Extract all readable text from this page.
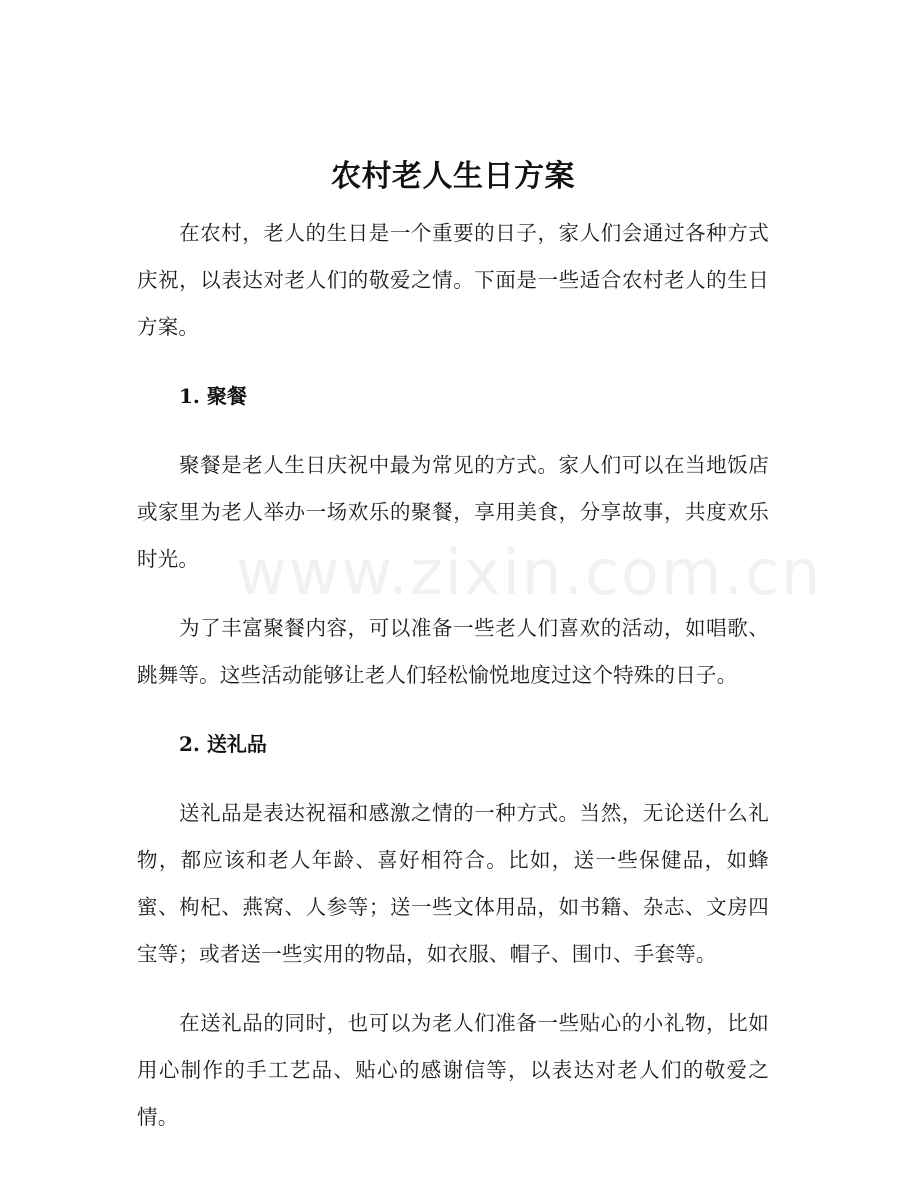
农村老人生日方案

在农村，老人的生日是一个重要的日子，家人们会通过各种方式庆祝，以表达对老人们的敬爱之情。下面是一些适合农村老人的生日方案。

1. 聚餐

聚餐是老人生日庆祝中最为常见的方式。家人们可以在当地饭店或家里为老人举办一场欢乐的聚餐，享用美食，分享故事，共度欢乐时光。

为了丰富聚餐内容，可以准备一些老人们喜欢的活动，如唱歌、跳舞等。这些活动能够让老人们轻松愉悦地度过这个特殊的日子。

2. 送礼品

送礼品是表达祝福和感激之情的一种方式。当然，无论送什么礼物，都应该和老人年龄、喜好相符合。比如，送一些保健品，如蜂蜜、枸杞、燕窝、人参等；送一些文体用品，如书籍、杂志、文房四宝等；或者送一些实用的物品，如衣服、帽子、围巾、手套等。

在送礼品的同时，也可以为老人们准备一些贴心的小礼物，比如用心制作的手工艺品、贴心的感谢信等，以表达对老人们的敬爱之情。

www.zixin.com.cn
